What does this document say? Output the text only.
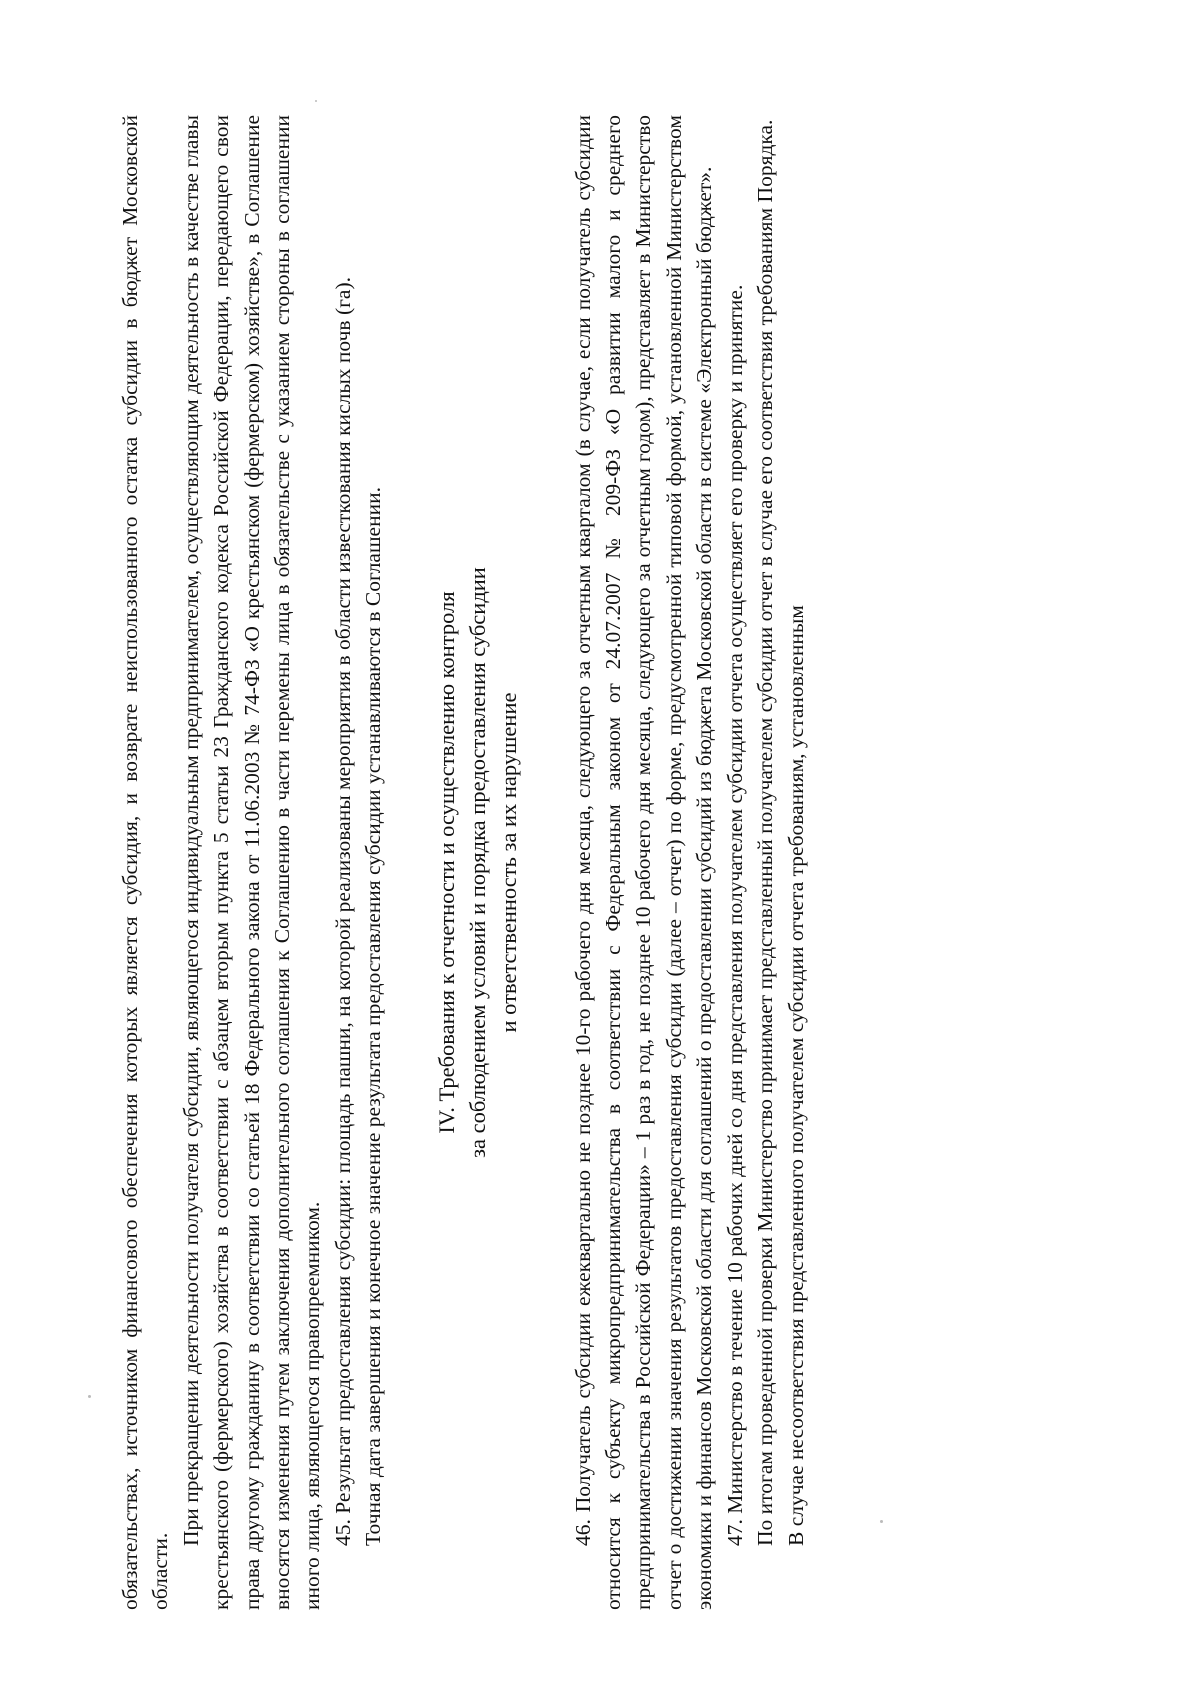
обязательствах, источником финансового обеспечения которых является субсидия, и возврате неиспользованного остатка субсидии в бюджет Московской области.

При прекращении деятельности получателя субсидии, являющегося индивидуальным предпринимателем, осуществляющим деятельность в качестве главы крестьянского (фермерского) хозяйства в соответствии с абзацем вторым пункта 5 статьи 23 Гражданского кодекса Российской Федерации, передающего свои права другому гражданину в соответствии со статьей 18 Федерального закона от 11.06.2003 № 74-ФЗ «О крестьянском (фермерском) хозяйстве», в Соглашение вносятся изменения путем заключения дополнительного соглашения к Соглашению в части перемены лица в обязательстве с указанием стороны в соглашении иного лица, являющегося правопреемником. 45. Результат предоставления субсидии: площадь пашни, на которой реализованы мероприятия в области известкования кислых почв (га). Точная дата завершения и конечное значение результата предоставления субсидии устанавливаются в Соглашении. IV. Требования к отчетности и осуществлению контроля за соблюдением условий и порядка предоставления субсидии и ответственность за их нарушение 46. Получатель субсидии ежеквартально не позднее 10-го рабочего дня месяца, следующего за отчетным кварталом (в случае, если получатель субсидии относится к субъекту микропредпринимательства в соответствии с Федеральным законом от 24.07.2007 № 209-ФЗ «О развитии малого и среднего предпринимательства в Российской Федерации» – 1 раз в год, не позднее 10 рабочего дня месяца, следующего за отчетным годом), представляет в Министерство отчет о достижении значения результатов предоставления субсидии (далее – отчет) по форме, предусмотренной типовой формой, установленной Министерством экономики и финансов Московской области для соглашений о предоставлении субсидий из бюджета Московской области в системе «Электронный бюджет». 47. Министерство в течение 10 рабочих дней со дня представления получателем субсидии отчета осуществляет его проверку и принятие. По итогам проведенной проверки Министерство принимает представленный получателем субсидии отчет в случае его соответствия требованиям Порядка. В случае несоответствия представленного получателем субсидии отчета требованиям, установленным
